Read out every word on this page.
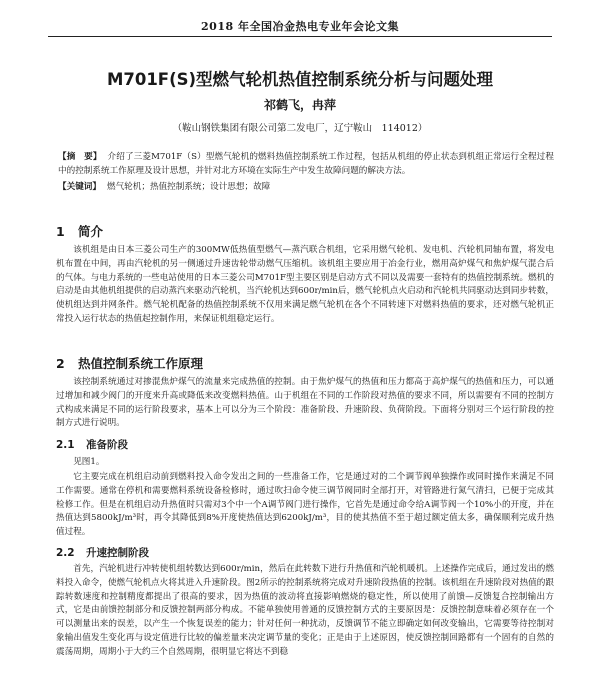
2018 年全国冶金热电专业年会论文集
M701F(S)型燃气轮机热值控制系统分析与问题处理
祁鹤飞，冉萍
（鞍山钢铁集团有限公司第二发电厂，辽宁鞍山　114012）
【摘　要】 介绍了三菱M701F（S）型燃气轮机的燃料热值控制系统工作过程，包括从机组的停止状态到机组正常运行全程过程中的控制系统工作原理及设计思想，并针对北方环境在实际生产中发生故障问题的解决方法。
【关键词】 燃气轮机；热值控制系统；设计思想；故障
1 简介
该机组是由日本三菱公司生产的300MW低热值型燃气—蒸汽联合机组，它采用燃气轮机、发电机、汽轮机同轴布置，将发电机布置在中间，再由汽轮机的另一侧通过升速齿轮带动燃气压缩机。该机组主要应用于冶金行业，燃用高炉煤气和焦炉煤气混合后的气体。与电力系统的一些电站使用的日本三菱公司M701F型主要区别是启动方式不同以及需要一套特有的热值控制系统。燃机的启动是由其他机组提供的启动蒸汽来驱动汽轮机，当汽轮机达到600r/min后，燃气轮机点火启动和汽轮机共同驱动达到同步转数，使机组达到并网条件。燃气轮机配备的热值控制系统不仅用来满足燃气轮机在各个不同转速下对燃料热值的要求，还对燃气轮机正常投入运行状态的热值起控制作用，来保证机组稳定运行。
2 热值控制系统工作原理
该控制系统通过对掺混焦炉煤气的流量来完成热值的控制。由于焦炉煤气的热值和压力都高于高炉煤气的热值和压力，可以通过增加和减少阀门的开度来升高或降低来改变燃料热值。山于机组在不同的工作阶段对热值的要求不同，所以需要有不同的控制方式构成来满足不同的运行阶段要求，基本上可以分为三个阶段：准备阶段、升速阶段、负荷阶段。下面将分别对三个运行阶段的控制方式进行说明。
2.1 准备阶段
见图1。
它主要完成在机组启动前到燃料投入命令发出之间的一些准备工作，它是通过对的二个调节阀单独操作或同时操作来满足不同工作需要。通常在停机和需要燃料系统设备检修时，通过吹扫命令使三调节阀同时全部打开，对管路进行氮气清扫，已便于完成其检修工作。但是在机组启动升热值时只需对3个中一个A调节阀门进行操作，它首先是通过命令给A调节阀一个10%小的开度，并在热值达到5800kJ/m³时，再令其降低到8%开度使热值达到6200kJ/m³，目的使其热值不至于超过额定值太多，确保顺利完成升热值过程。
2.2 升速控制阶段
首先，汽轮机进行冲转使机组转数达到600r/min，然后在此转数下进行升热值和汽轮机暖机。上述操作完成后，通过发出的燃料投入命令，使燃气轮机点火将其进入升速阶段。图2所示的控制系统将完成对升速阶段热值的控制。该机组在升速阶段对热值的跟踪转数速度和控制精度都提出了很高的要求，因为热值的波动将直接影响燃烧的稳定性，所以使用了前馈—反馈复合控制输出方式，它是由前馈控制部分和反馈控制两部分构成。不能单独使用普通的反馈控制方式的主要原因是：反馈控制意味着必须存在一个可以测量出来的误差，以产生一个恢复误差的能力；针对任何一种扰动，反馈调节不能立即确定如何改变输出，它需要等待控制对象输出值发生变化再与设定值进行比较的偏差量来决定调节量的变化；正是由于上述原因，使反馈控制回路都有一个固有的自然的震荡周期，周期小于大约三个自然周期，很明显它将达不到稳
